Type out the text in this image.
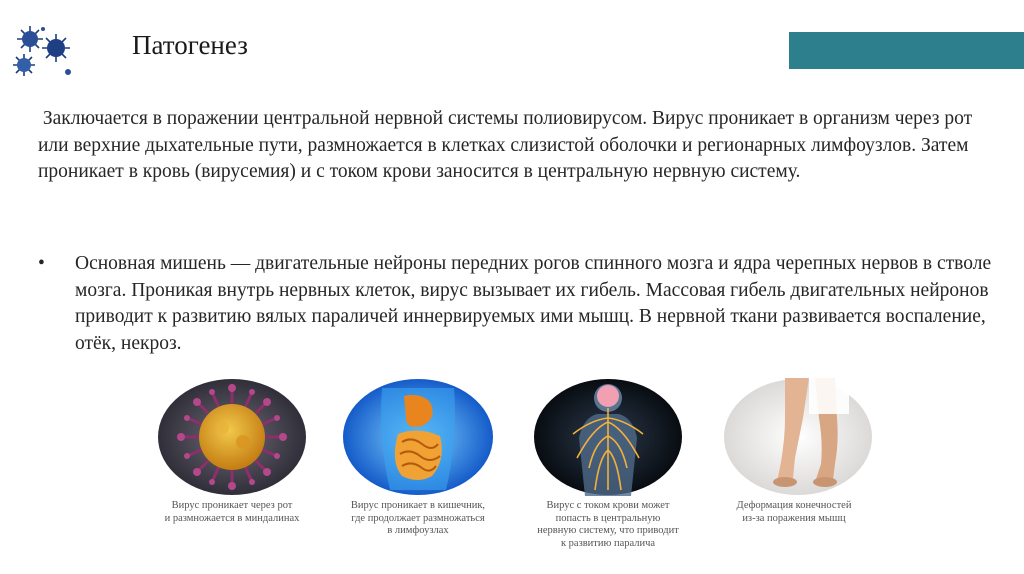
Патогенез

Заключается в поражении центральной нервной системы полиовирусом. Вирус проникает в организм через рот или верхние дыхательные пути, размножается в клетках слизистой оболочки и регионарных лимфоузлов. Затем проникает в кровь (вирусемия) и с током крови заносится в центральную нервную систему.

•	Основная мишень — двигательные нейроны передних рогов спинного мозга и ядра черепных нервов в стволе мозга. Проникая внутрь нервных клеток, вирус вызывает их гибель. Массовая гибель двигательных нейронов приводит к развитию вялых параличей иннервируемых ими мышц. В нервной ткани развивается воспаление, отёк, некроз.
Вирус проникает через рот
и размножается в миндалинах
Вирус проникает в кишечник,
где продолжает размножаться
в лимфоузлах
Вирус с током крови может
попасть в центральную
нервную систему, что приводит
к развитию паралича
Деформация конечностей
из-за поражения мышц
